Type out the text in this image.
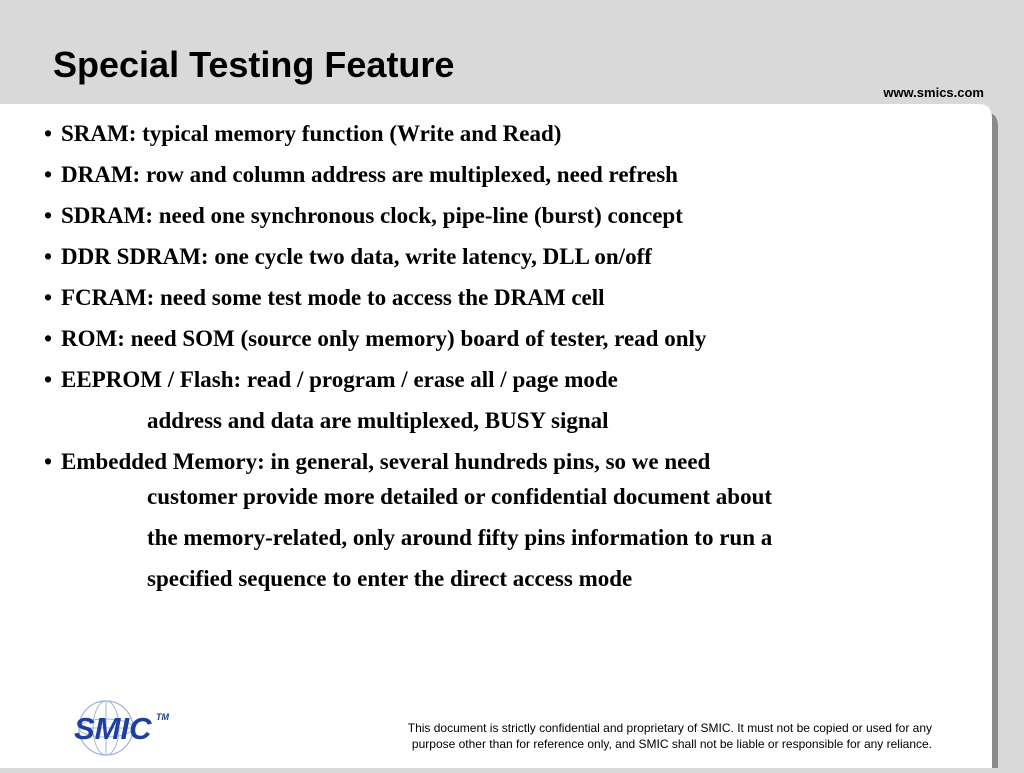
Special Testing Feature
www.smics.com
• SRAM: typical memory function (Write and Read)
• DRAM: row and column address are multiplexed, need refresh
• SDRAM: need one synchronous clock, pipe-line (burst) concept
• DDR SDRAM: one cycle two data, write latency, DLL on/off
• FCRAM: need some test mode to access the DRAM cell
• ROM: need SOM (source only memory) board of tester, read only
• EEPROM / Flash: read / program / erase all / page mode
address and data are multiplexed, BUSY signal
• Embedded Memory: in general, several hundreds pins, so we need
customer provide more detailed or confidential document about
the memory-related, only around fifty pins information to run a
specified sequence to enter the direct access mode
SMIC TM
This document is strictly confidential and proprietary of SMIC. It must not be copied or used for any
purpose other than for reference only, and SMIC shall not be liable or responsible for any reliance.
